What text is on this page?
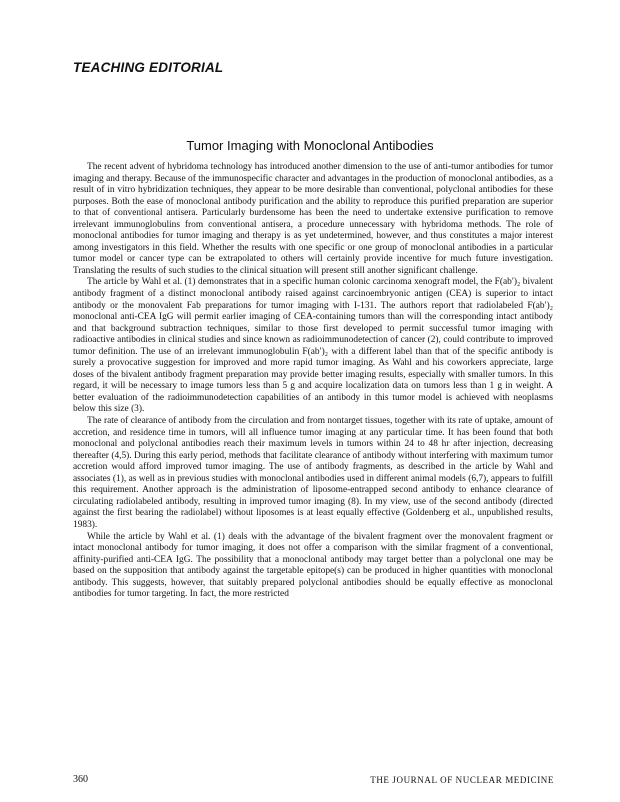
TEACHING EDITORIAL
Tumor Imaging with Monoclonal Antibodies

The recent advent of hybridoma technology has introduced another dimension to the use of anti-tumor antibodies for tumor imaging and therapy. Because of the immunospecific character and advantages in the production of monoclonal antibodies, as a result of in vitro hybridization techniques, they appear to be more desirable than conventional, polyclonal antibodies for these purposes. Both the ease of monoclonal antibody purification and the ability to reproduce this purified preparation are superior to that of conventional antisera. Particularly burdensome has been the need to undertake extensive purification to remove irrelevant immunoglobulins from conventional antisera, a procedure unnecessary with hybridoma methods. The role of monoclonal antibodies for tumor imaging and therapy is as yet undetermined, however, and thus constitutes a major interest among investigators in this field. Whether the results with one specific or one group of monoclonal antibodies in a particular tumor model or cancer type can be extrapolated to others will certainly provide incentive for much future investigation. Translating the results of such studies to the clinical situation will present still another significant challenge.

The article by Wahl et al. (1) demonstrates that in a specific human colonic carcinoma xenograft model, the F(ab′)₂ bivalent antibody fragment of a distinct monoclonal antibody raised against carcinoembryonic antigen (CEA) is superior to intact antibody or the monovalent Fab preparations for tumor imaging with I-131. The authors report that radiolabeled F(ab′)₂ monoclonal anti-CEA IgG will permit earlier imaging of CEA-containing tumors than will the corresponding intact antibody and that background subtraction techniques, similar to those first developed to permit successful tumor imaging with radioactive antibodies in clinical studies and since known as radioimmunodetection of cancer (2), could contribute to improved tumor definition. The use of an irrelevant immunoglobulin F(ab′)₂ with a different label than that of the specific antibody is surely a provocative suggestion for improved and more rapid tumor imaging. As Wahl and his coworkers appreciate, large doses of the bivalent antibody fragment preparation may provide better imaging results, especially with smaller tumors. In this regard, it will be necessary to image tumors less than 5 g and acquire localization data on tumors less than 1 g in weight. A better evaluation of the radioimmunodetection capabilities of an antibody in this tumor model is achieved with neoplasms below this size (3).

The rate of clearance of antibody from the circulation and from nontarget tissues, together with its rate of uptake, amount of accretion, and residence time in tumors, will all influence tumor imaging at any particular time. It has been found that both monoclonal and polyclonal antibodies reach their maximum levels in tumors within 24 to 48 hr after injection, decreasing thereafter (4,5). During this early period, methods that facilitate clearance of antibody without interfering with maximum tumor accretion would afford improved tumor imaging. The use of antibody fragments, as described in the article by Wahl and associates (1), as well as in previous studies with monoclonal antibodies used in different animal models (6,7), appears to fulfill this requirement. Another approach is the administration of liposome-entrapped second antibody to enhance clearance of circulating radiolabeled antibody, resulting in improved tumor imaging (8). In my view, use of the second antibody (directed against the first bearing the radiolabel) without liposomes is at least equally effective (Goldenberg et al., unpublished results, 1983).

While the article by Wahl et al. (1) deals with the advantage of the bivalent fragment over the monovalent fragment or intact monoclonal antibody for tumor imaging, it does not offer a comparison with the similar fragment of a conventional, affinity-purified anti-CEA IgG. The possibility that a monoclonal antibody may target better than a polyclonal one may be based on the supposition that antibody against the targetable epitope(s) can be produced in higher quantities with monoclonal antibody. This suggests, however, that suitably prepared polyclonal antibodies should be equally effective as monoclonal antibodies for tumor targeting. In fact, the more restricted

360	THE JOURNAL OF NUCLEAR MEDICINE
